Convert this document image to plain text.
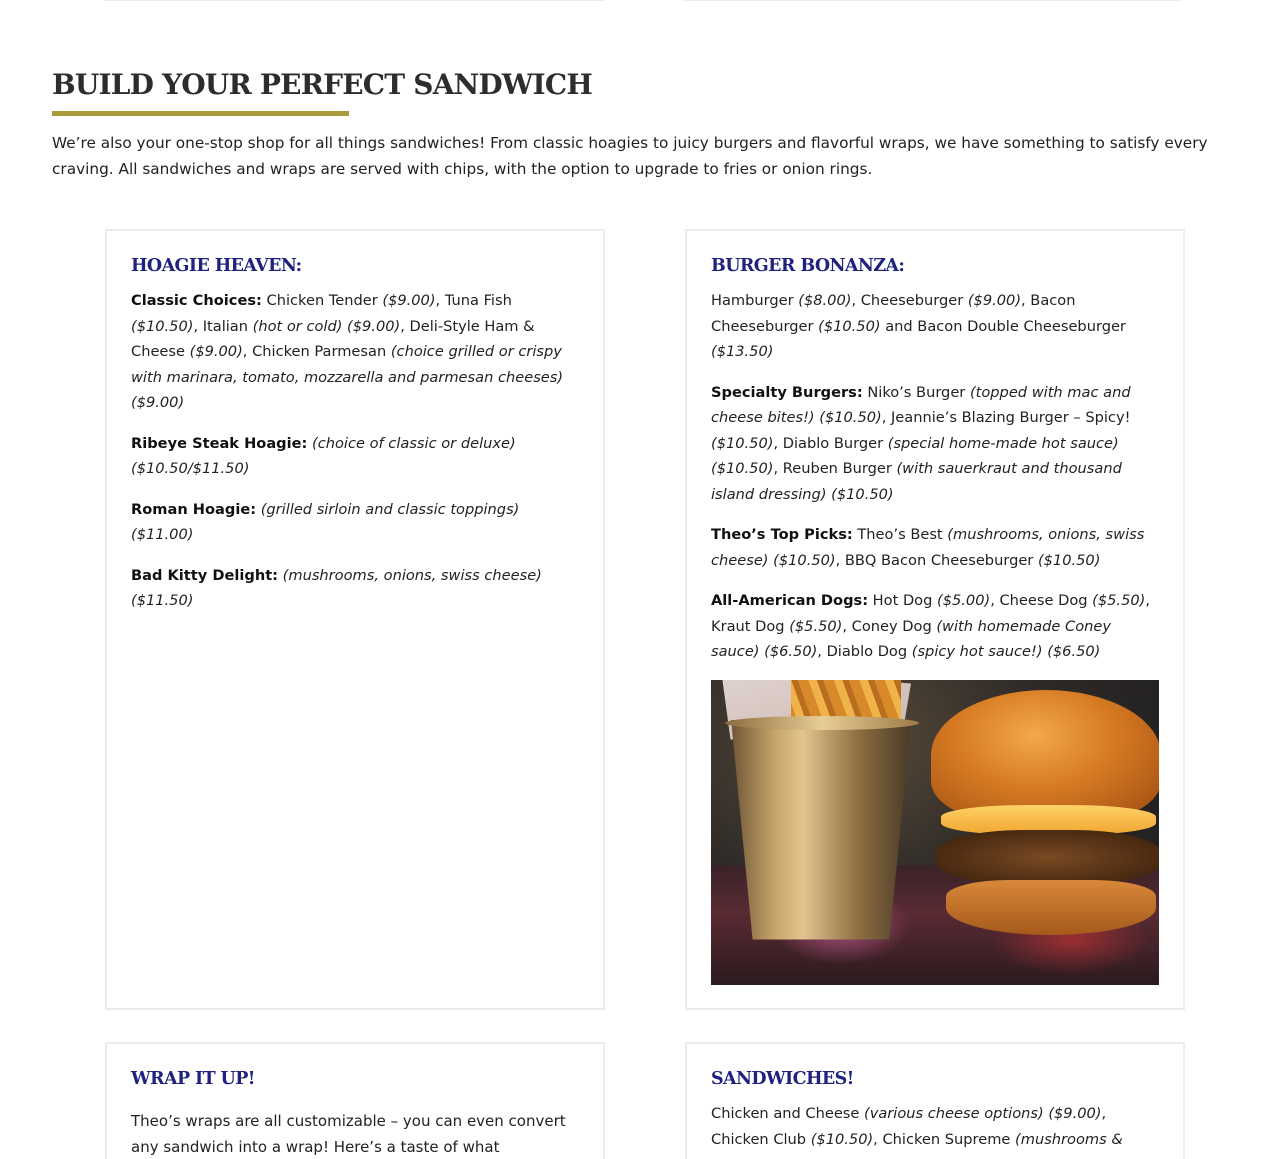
BUILD YOUR PERFECT SANDWICH

We’re also your one-stop shop for all things sandwiches! From classic hoagies to juicy burgers and flavorful wraps, we have something to satisfy every craving. All sandwiches and wraps are served with chips, with the option to upgrade to fries or onion rings.

HOAGIE HEAVEN:

Classic Choices: Chicken Tender ($9.00), Tuna Fish ($10.50), Italian (hot or cold) ($9.00), Deli-Style Ham & Cheese ($9.00), Chicken Parmesan (choice grilled or crispy with marinara, tomato, mozzarella and parmesan cheeses) ($9.00)

Ribeye Steak Hoagie: (choice of classic or deluxe) ($10.50/$11.50)

Roman Hoagie: (grilled sirloin and classic toppings) ($11.00)

Bad Kitty Delight: (mushrooms, onions, swiss cheese) ($11.50)

BURGER BONANZA:

Hamburger ($8.00), Cheeseburger ($9.00), Bacon Cheeseburger ($10.50) and Bacon Double Cheeseburger ($13.50)

Specialty Burgers: Niko’s Burger (topped with mac and cheese bites!) ($10.50), Jeannie’s Blazing Burger – Spicy! ($10.50), Diablo Burger (special home-made hot sauce) ($10.50), Reuben Burger (with sauerkraut and thousand island dressing) ($10.50)

Theo’s Top Picks: Theo’s Best (mushrooms, onions, swiss cheese) ($10.50), BBQ Bacon Cheeseburger ($10.50)

All-American Dogs: Hot Dog ($5.00), Cheese Dog ($5.50), Kraut Dog ($5.50), Coney Dog (with homemade Coney sauce) ($6.50), Diablo Dog (spicy hot sauce!) ($6.50)

WRAP IT UP!

Theo’s wraps are all customizable – you can even convert any sandwich into a wrap! Here’s a taste of what

SANDWICHES!

Chicken and Cheese (various cheese options) ($9.00), Chicken Club ($10.50), Chicken Supreme (mushrooms &
